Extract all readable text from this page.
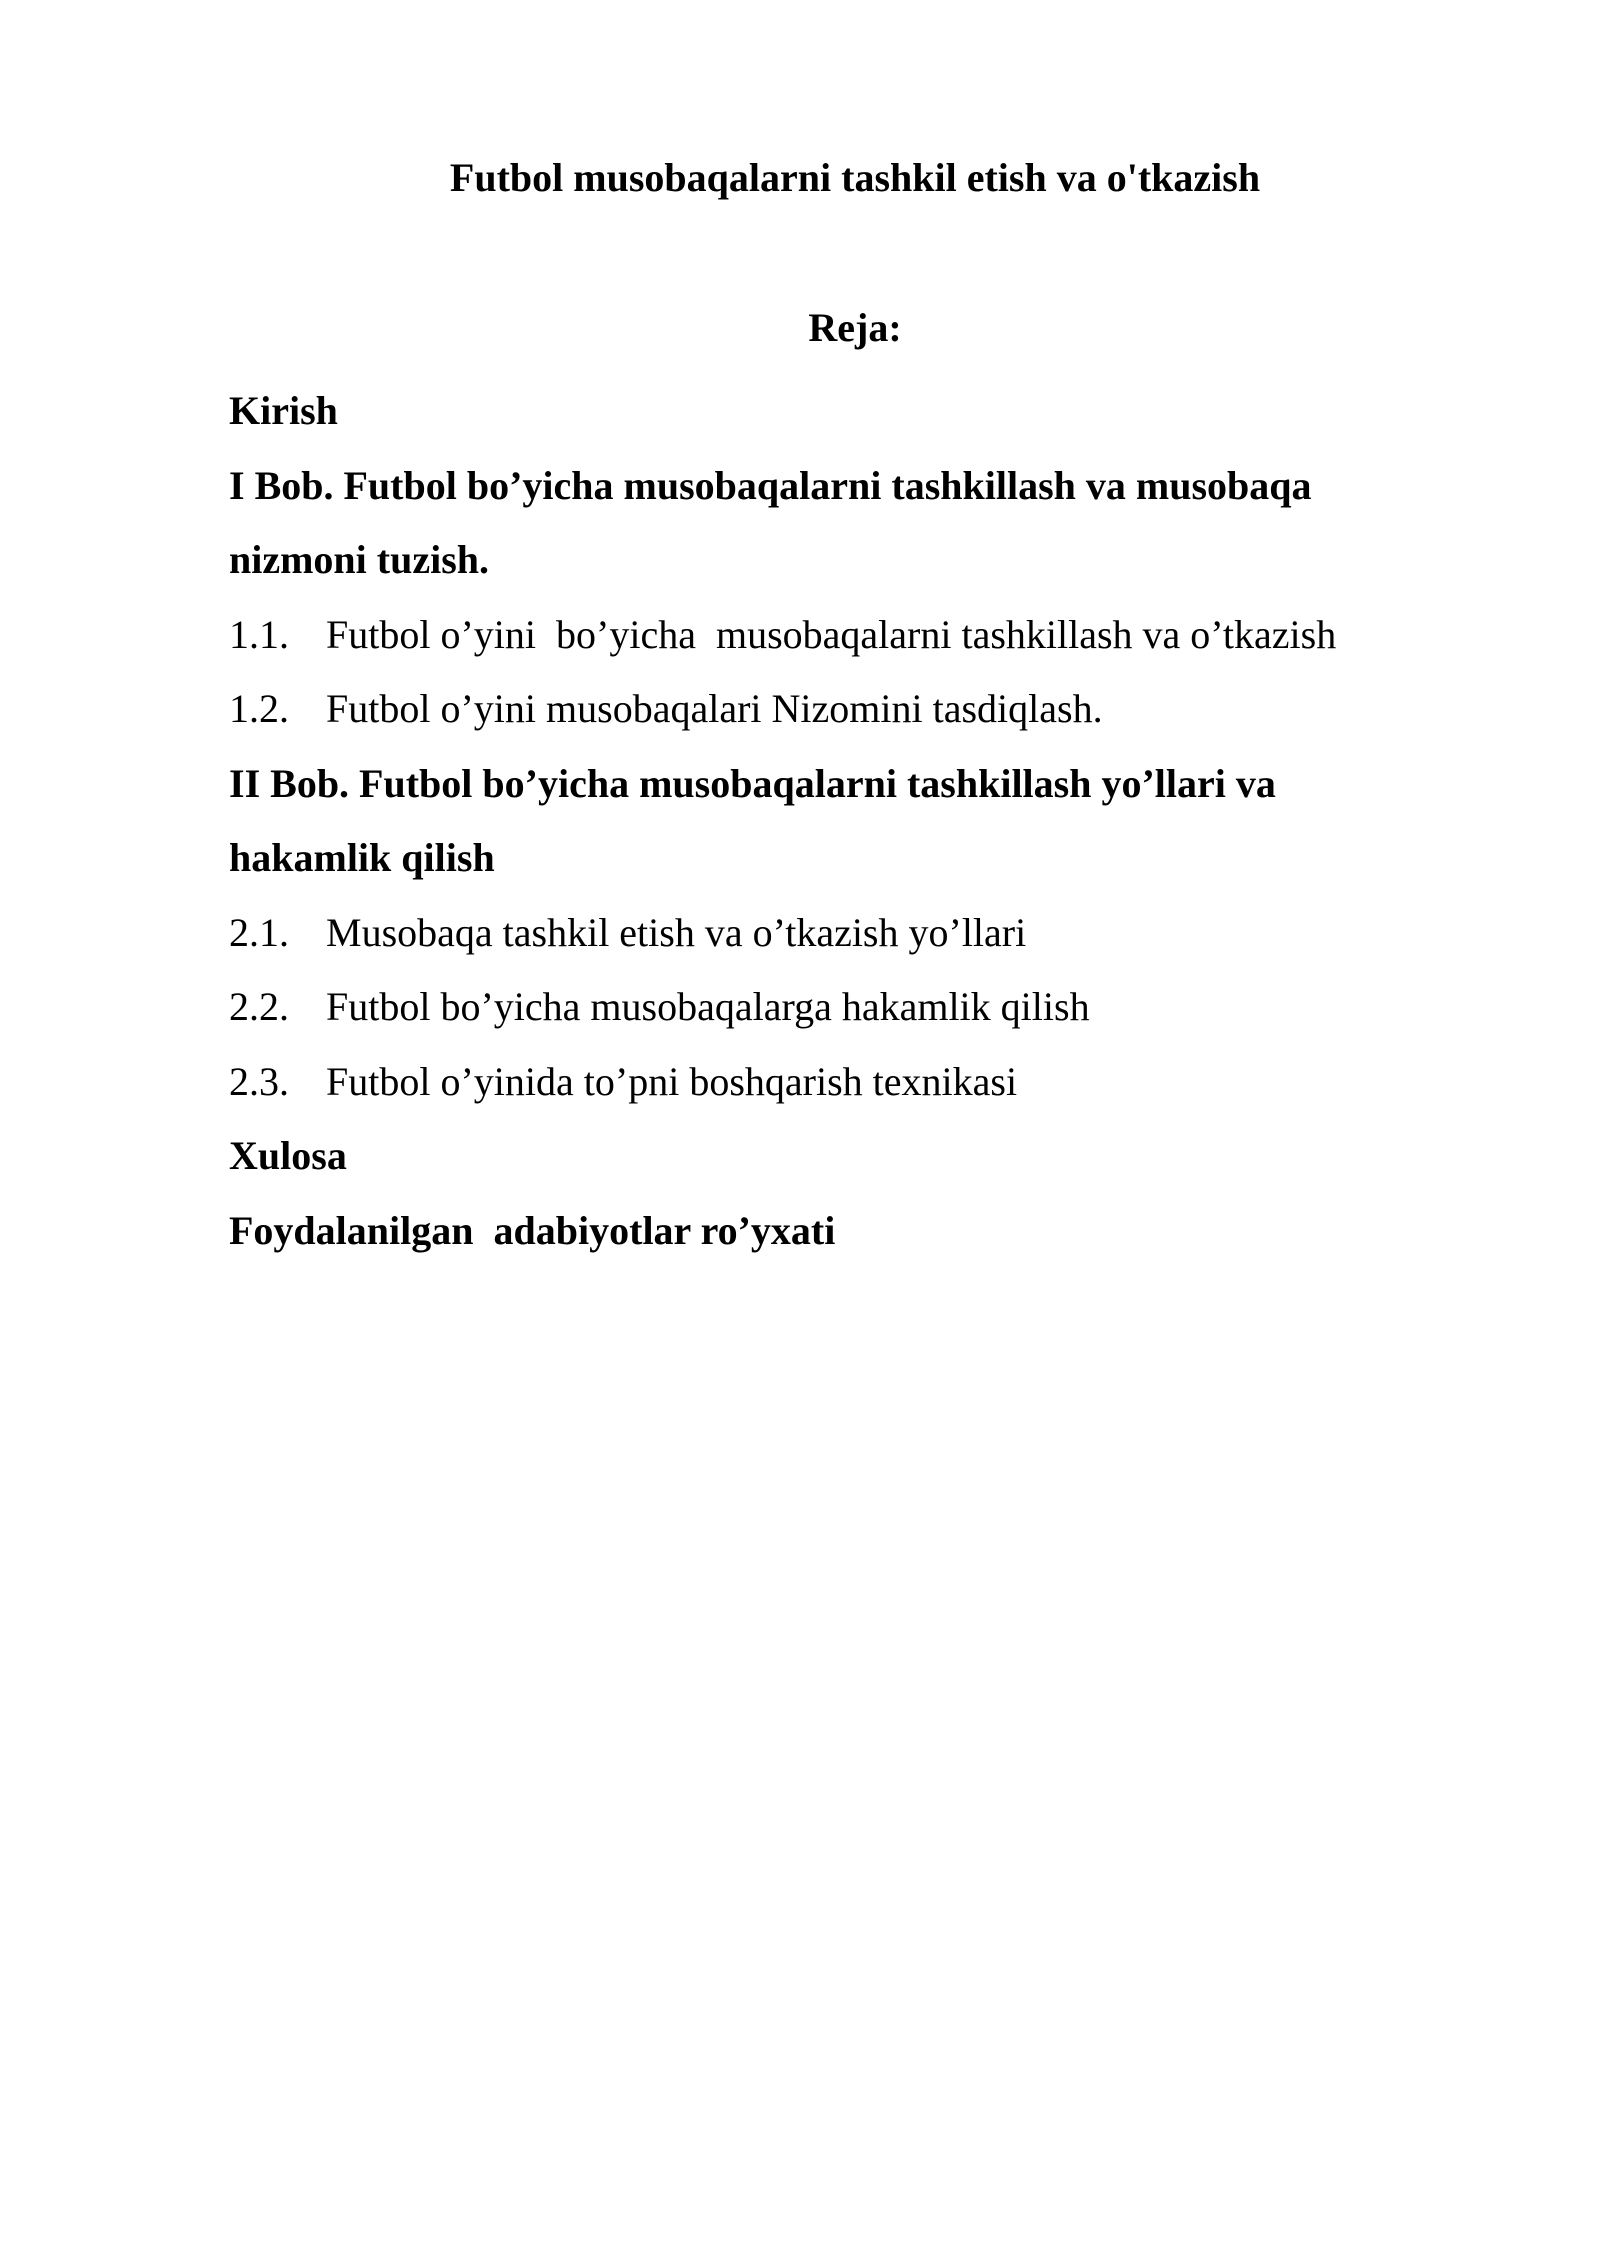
Futbol musobaqalarni tashkil etish va o'tkazish
Reja:
Kirish
I Bob. Futbol bo’yicha musobaqalarni tashkillash va musobaqa
nizmoni tuzish.
1.1. Futbol o’yini  bo’yicha  musobaqalarni tashkillash va o’tkazish
1.2. Futbol o’yini musobaqalari Nizomini tasdiqlash.
II Bob. Futbol bo’yicha musobaqalarni tashkillash yo’llari va
hakamlik qilish
2.1. Musobaqa tashkil etish va o’tkazish yo’llari
2.2. Futbol bo’yicha musobaqalarga hakamlik qilish
2.3. Futbol o’yinida to’pni boshqarish texnikasi
Xulosa
Foydalanilgan  adabiyotlar ro’yxati
